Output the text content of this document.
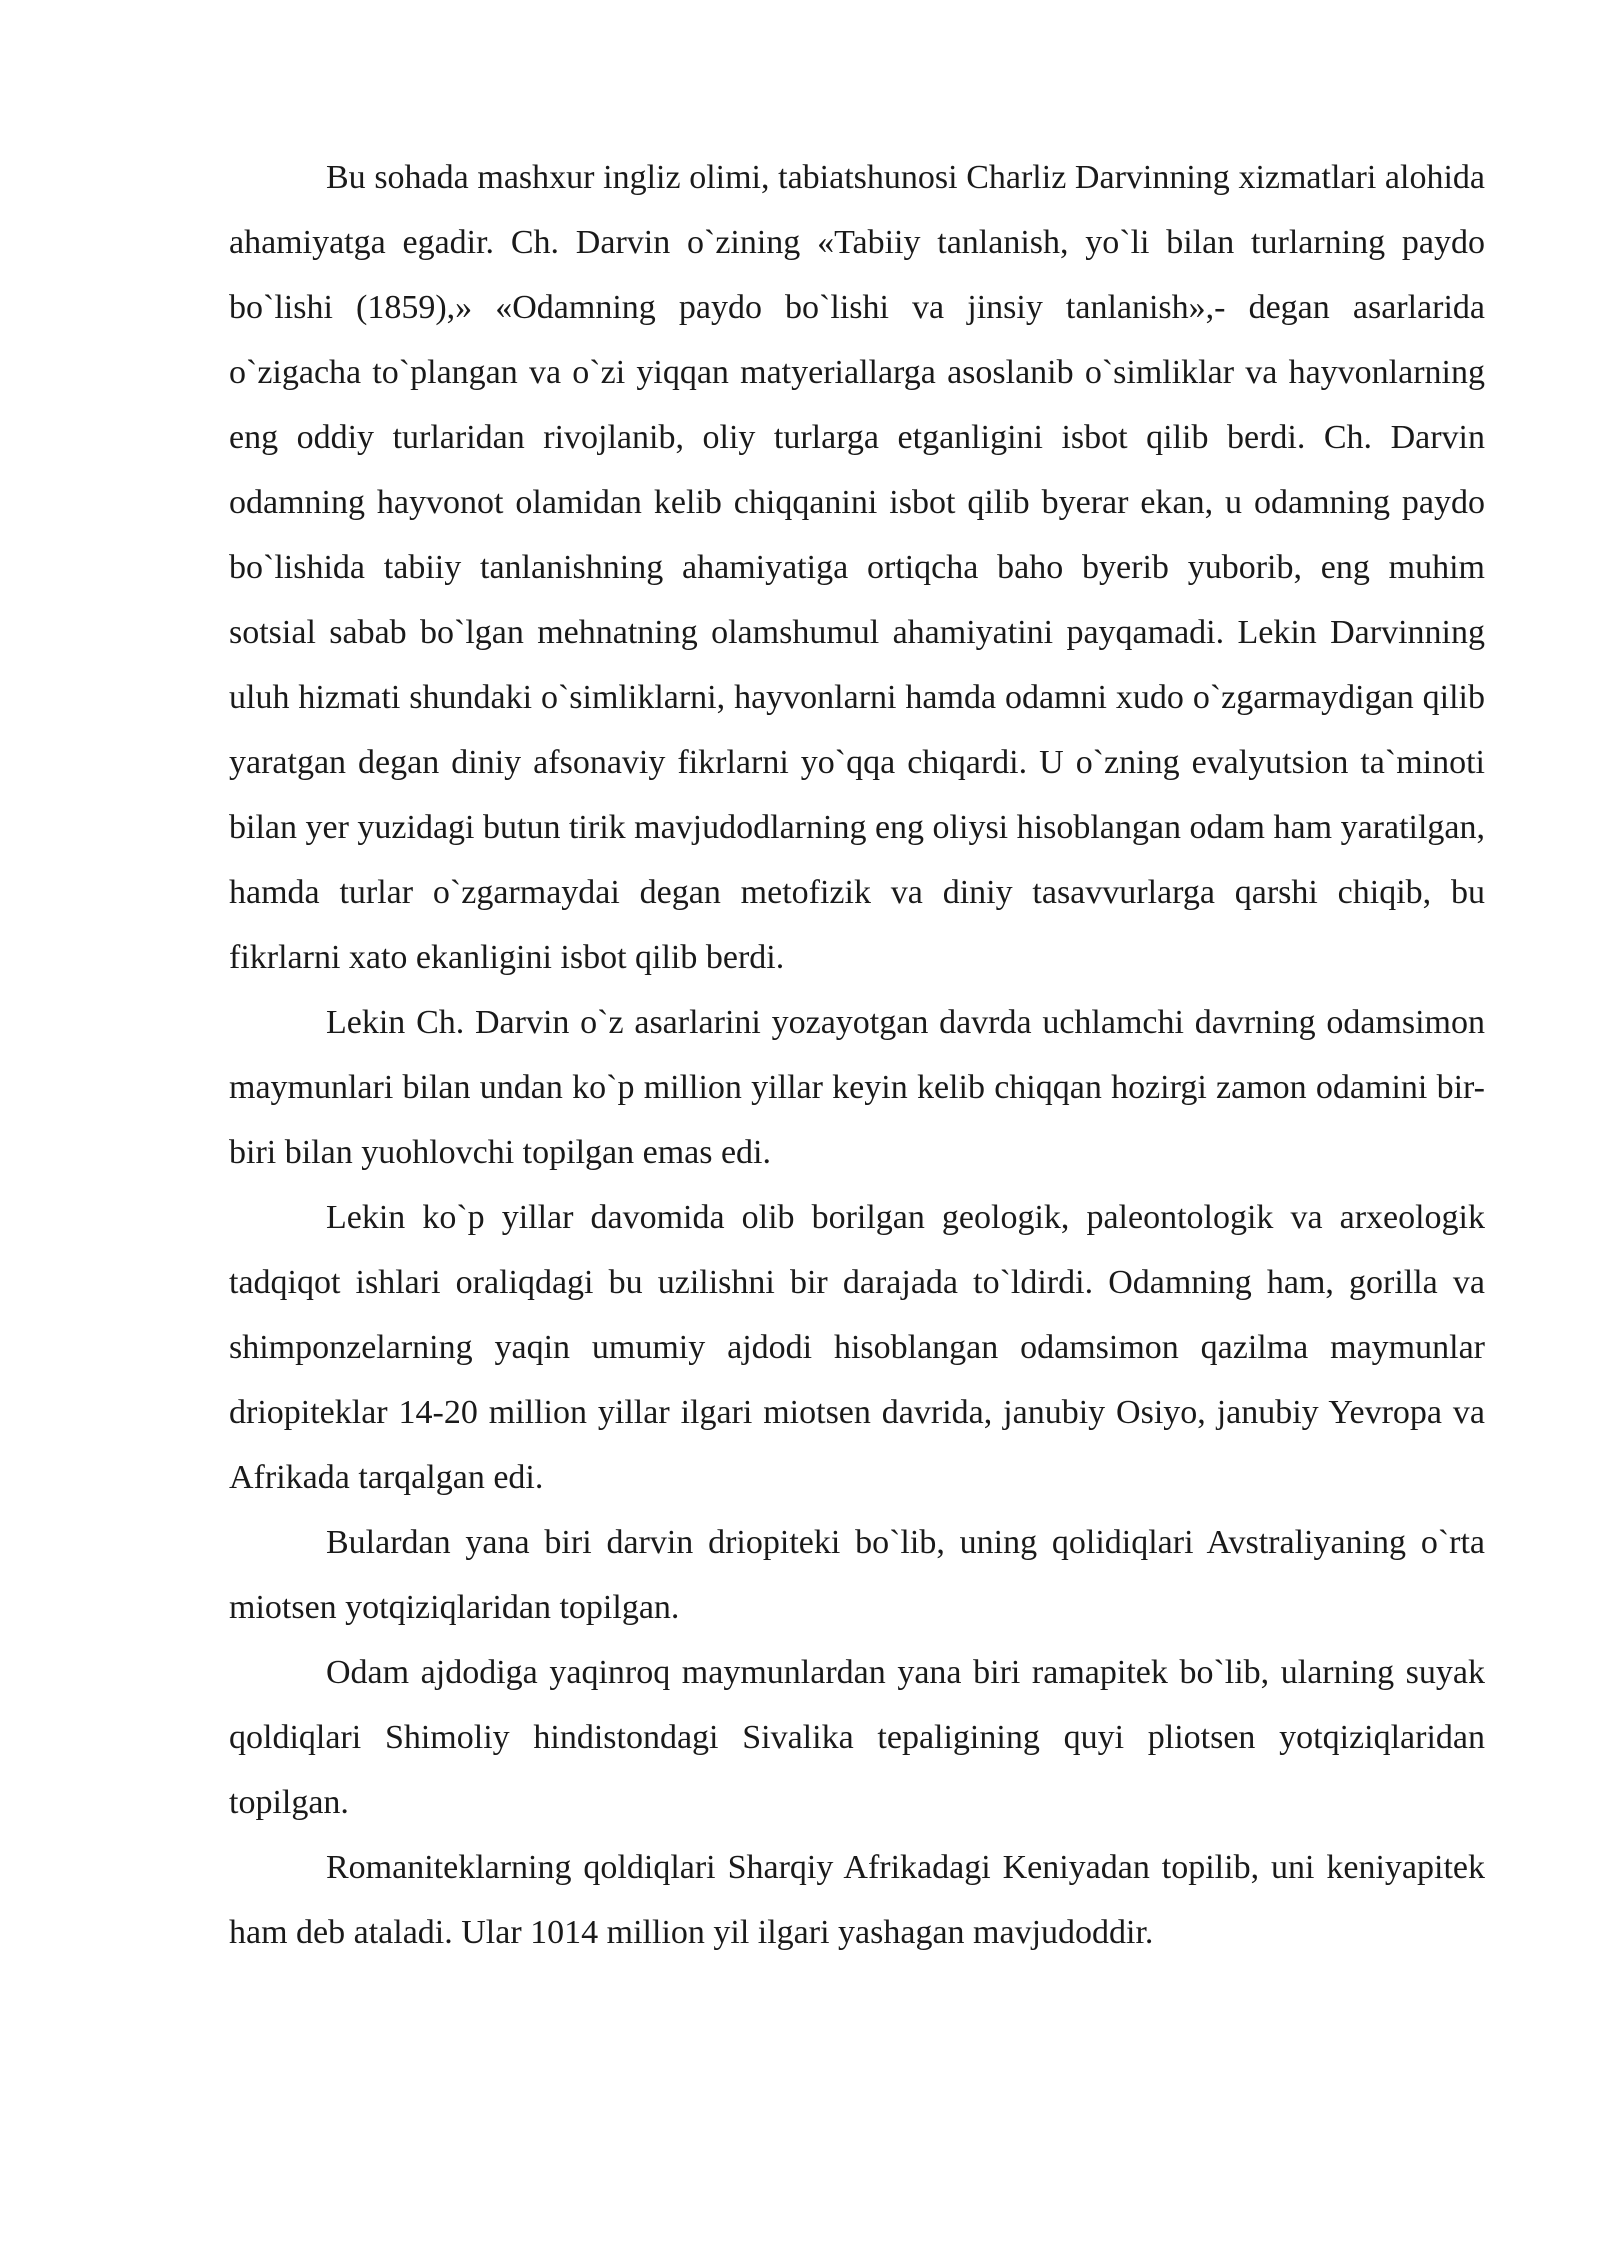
Bu sohada mashxur ingliz olimi, tabiatshunosi Charliz Darvinning xizmatlari alohida ahamiyatga egadir. Ch. Darvin o`zining «Tabiiy tanlanish, yo`li bilan turlarning paydo bo`lishi (1859),» «Odamning paydo bo`lishi va jinsiy tanlanish»,- degan asarlarida o`zigacha to`plangan va o`zi yiqqan matyeriallarga asoslanib o`simliklar va hayvonlarning eng oddiy turlaridan rivojlanib, oliy turlarga etganligini isbot qilib berdi. Ch. Darvin odamning hayvonot olamidan kelib chiqqanini isbot qilib byerar ekan, u odamning paydo bo`lishida tabiiy tanlanishning ahamiyatiga ortiqcha baho byerib yuborib, eng muhim sotsial sabab bo`lgan mehnatning olamshumul ahamiyatini payqamadi. Lekin Darvinning uluh hizmati shundaki o`simliklarni, hayvonlarni hamda odamni xudo o`zgarmaydigan qilib yaratgan degan diniy afsonaviy fikrlarni yo`qqa chiqardi. U o`zning evalyutsion ta`minoti bilan yer yuzidagi butun tirik mavjudodlarning eng oliysi hisoblangan odam ham yaratilgan, hamda turlar o`zgarmaydai degan metofizik va diniy tasavvurlarga qarshi chiqib, bu fikrlarni xato ekanligini isbot qilib berdi.

Lekin Ch. Darvin o`z asarlarini yozayotgan davrda uchlamchi davrning odamsimon maymunlari bilan undan ko`p million yillar keyin kelib chiqqan hozirgi zamon odamini bir-biri bilan yuohlovchi topilgan emas edi.

Lekin ko`p yillar davomida olib borilgan geologik, paleontologik va arxeologik tadqiqot ishlari oraliqdagi bu uzilishni bir darajada to`ldirdi. Odamning ham, gorilla va shimponzelarning yaqin umumiy ajdodi hisoblangan odamsimon qazilma maymunlar driopiteklar 14-20 million yillar ilgari miotsen davrida, janubiy Osiyo, janubiy Yevropa va Afrikada tarqalgan edi.

Bulardan yana biri darvin driopiteki bo`lib, uning qolidiqlari Avstraliyaning o`rta miotsen yotqiziqlaridan topilgan.

Odam ajdodiga yaqinroq maymunlardan yana biri ramapitek bo`lib, ularning suyak qoldiqlari Shimoliy hindistondagi Sivalika tepaligining quyi pliotsen yotqiziqlaridan topilgan.

Romaniteklarning qoldiqlari Sharqiy Afrikadagi Keniyadan topilib, uni keniyapitek ham deb ataladi. Ular 1014 million yil ilgari yashagan mavjudoddir.
